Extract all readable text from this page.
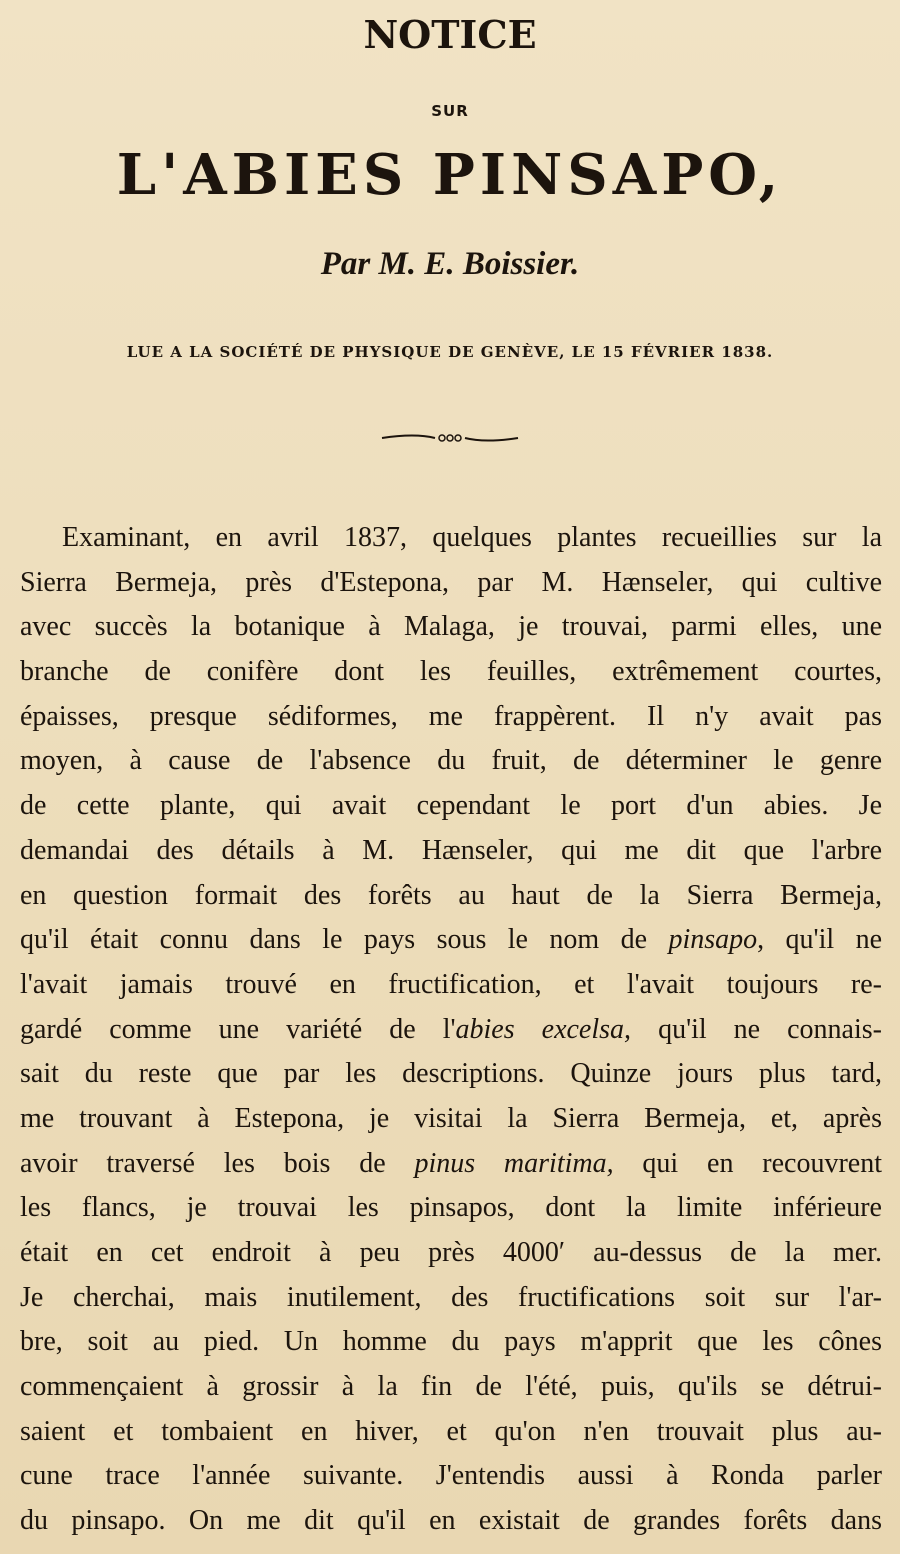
NOTICE
SUR
L'ABIES PINSAPO,
Par M. E. Boissier.
LUE A LA SOCIÉTÉ DE PHYSIQUE DE GENÈVE, LE 15 FÉVRIER 1838.
Examinant, en avril 1837, quelques plantes recueillies sur la
Sierra Bermeja, près d'Estepona, par M. Hænseler, qui cultive
avec succès la botanique à Malaga, je trouvai, parmi elles, une
branche de conifère dont les feuilles, extrêmement courtes,
épaisses, presque sédiformes, me frappèrent. Il n'y avait pas
moyen, à cause de l'absence du fruit, de déterminer le genre
de cette plante, qui avait cependant le port d'un abies. Je
demandai des détails à M. Hænseler, qui me dit que l'arbre
en question formait des forêts au haut de la Sierra Bermeja,
qu'il était connu dans le pays sous le nom de pinsapo, qu'il ne
l'avait jamais trouvé en fructification, et l'avait toujours re-
gardé comme une variété de l'abies excelsa, qu'il ne connais-
sait du reste que par les descriptions. Quinze jours plus tard,
me trouvant à Estepona, je visitai la Sierra Bermeja, et, après
avoir traversé les bois de pinus maritima, qui en recouvrent
les flancs, je trouvai les pinsapos, dont la limite inférieure
était en cet endroit à peu près 4000′ au-dessus de la mer.
Je cherchai, mais inutilement, des fructifications soit sur l'ar-
bre, soit au pied. Un homme du pays m'apprit que les cônes
commençaient à grossir à la fin de l'été, puis, qu'ils se détrui-
saient et tombaient en hiver, et qu'on n'en trouvait plus au-
cune trace l'année suivante. J'entendis aussi à Ronda parler
du pinsapo. On me dit qu'il en existait de grandes forêts dans
